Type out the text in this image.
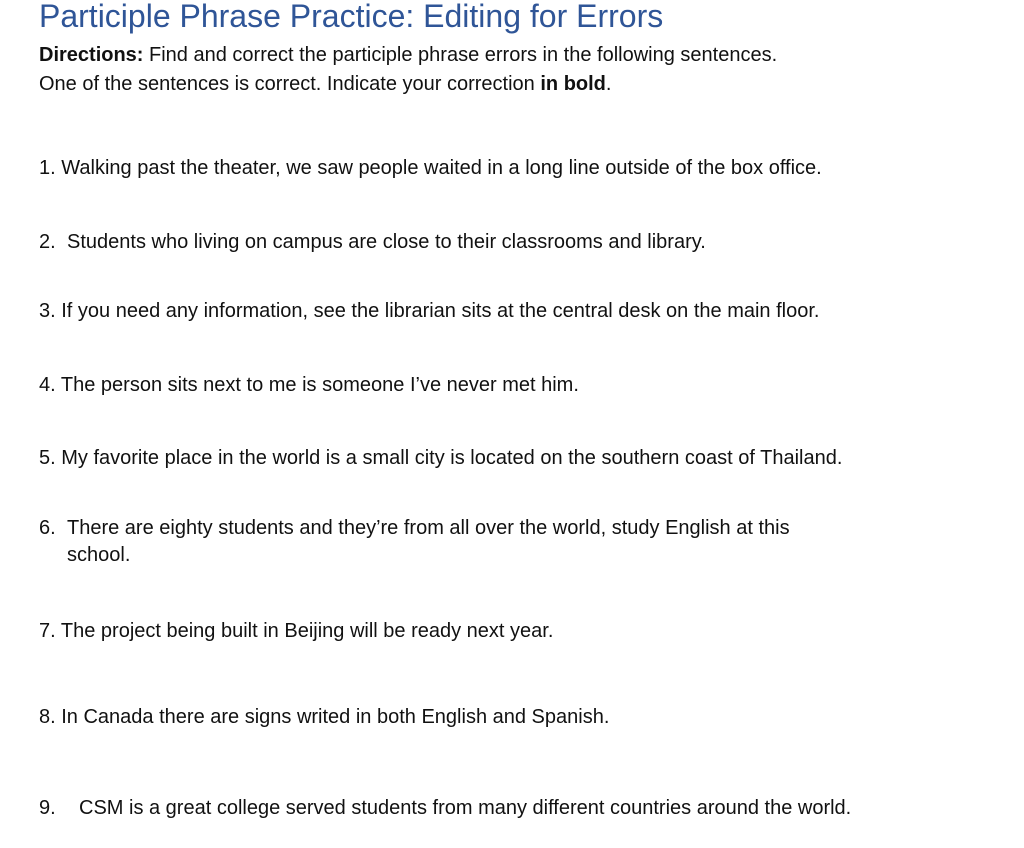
Participle Phrase Practice: Editing for Errors

Directions: Find and correct the participle phrase errors in the following sentences. One of the sentences is correct. Indicate your correction in bold.

1. Walking past the theater, we saw people waited in a long line outside of the box office.

2. Students who living on campus are close to their classrooms and library.

3. If you need any information, see the librarian sits at the central desk on the main floor.

4. The person sits next to me is someone I’ve never met him.

5. My favorite place in the world is a small city is located on the southern coast of Thailand.

6. There are eighty students and they’re from all over the world, study English at this

school.

7. The project being built in Beijing will be ready next year.

8. In Canada there are signs writed in both English and Spanish.

9. CSM is a great college served students from many different countries around the world.
